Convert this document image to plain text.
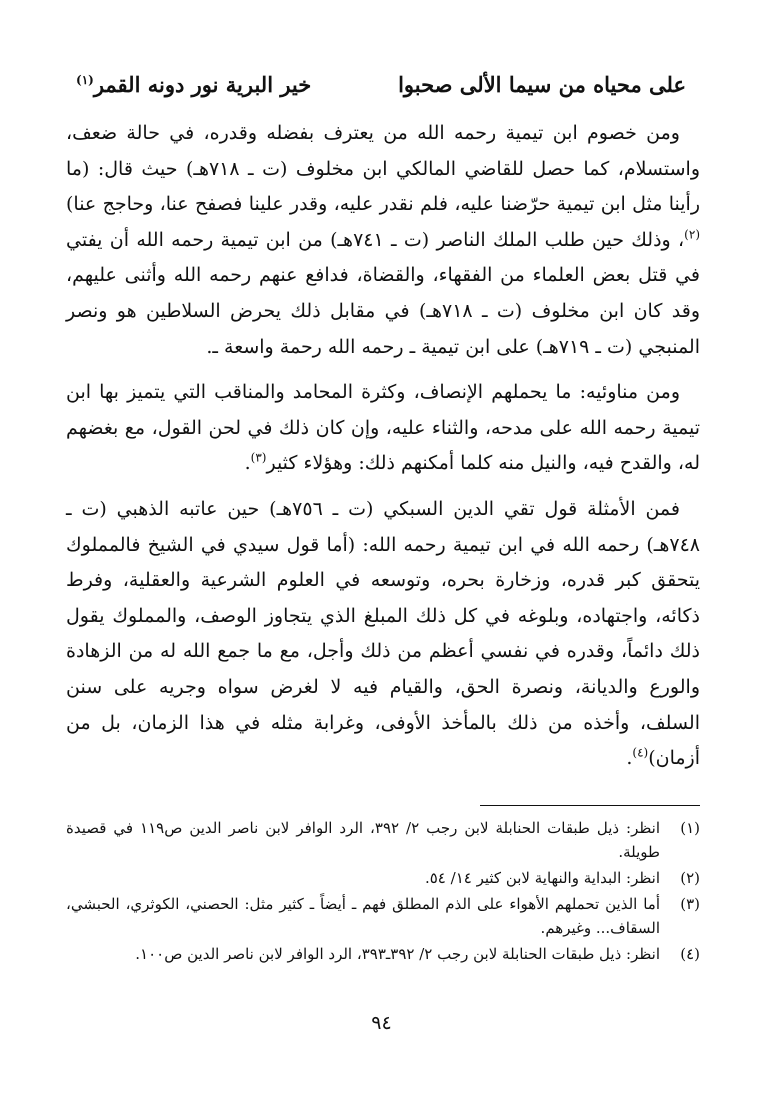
على محياه من سيما الألى صحبوا
خير البرية نور دونه القمر$^{(١)}$

ومن خصوم ابن تيمية رحمه الله من يعترف بفضله وقدره، في حالة ضعف، واستسلام، كما حصل للقاضي المالكي ابن مخلوف (ت ـ ٧١٨هـ) حيث قال: (ما رأينا مثل ابن تيمية حرّضنا عليه، فلم نقدر عليه، وقدر علينا فصفح عنا، وحاجج عنا)$^{(٢)}$، وذلك حين طلب الملك الناصر (ت ـ ٧٤١هـ) من ابن تيمية رحمه الله أن يفتي في قتل بعض العلماء من الفقهاء، والقضاة، فدافع عنهم رحمه الله وأثنى عليهم، وقد كان ابن مخلوف (ت ـ ٧١٨هـ) في مقابل ذلك يحرض السلاطين هو ونصر المنبجي (ت ـ ٧١٩هـ) على ابن تيمية ـ رحمه الله رحمة واسعة ـ.

ومن مناوئيه: ما يحملهم الإنصاف، وكثرة المحامد والمناقب التي يتميز بها ابن تيمية رحمه الله على مدحه، والثناء عليه، وإن كان ذلك في لحن القول، مع بغضهم له، والقدح فيه، والنيل منه كلما أمكنهم ذلك: وهؤلاء كثير$^{(٣)}$.

فمن الأمثلة قول تقي الدين السبكي (ت ـ ٧٥٦هـ) حين عاتبه الذهبي (ت ـ ٧٤٨هـ) رحمه الله في ابن تيمية رحمه الله: (أما قول سيدي في الشيخ فالمملوك يتحقق كبر قدره، وزخارة بحره، وتوسعه في العلوم الشرعية والعقلية، وفرط ذكائه، واجتهاده، وبلوغه في كل ذلك المبلغ الذي يتجاوز الوصف، والمملوك يقول ذلك دائماً، وقدره في نفسي أعظم من ذلك وأجل، مع ما جمع الله له من الزهادة والورع والديانة، ونصرة الحق، والقيام فيه لا لغرض سواه وجريه على سنن السلف، وأخذه من ذلك بالمأخذ الأوفى، وغرابة مثله في هذا الزمان، بل من أزمان)$^{(٤)}$.

(١)
انظر: ذيل طبقات الحنابلة لابن رجب ٢/ ٣٩٢، الرد الوافر لابن ناصر الدين ص١١٩ في قصيدة طويلة.
(٢)
انظر: البداية والنهاية لابن كثير ١٤/ ٥٤.
(٣)
أما الذين تحملهم الأهواء على الذم المطلق فهم ـ أيضاً ـ كثير مثل: الحصني، الكوثري، الحبشي، السقاف... وغيرهم.
(٤)
انظر: ذيل طبقات الحنابلة لابن رجب ٢/ ٣٩٢ـ٣٩٣، الرد الوافر لابن ناصر الدين ص١٠٠.
٩٤
